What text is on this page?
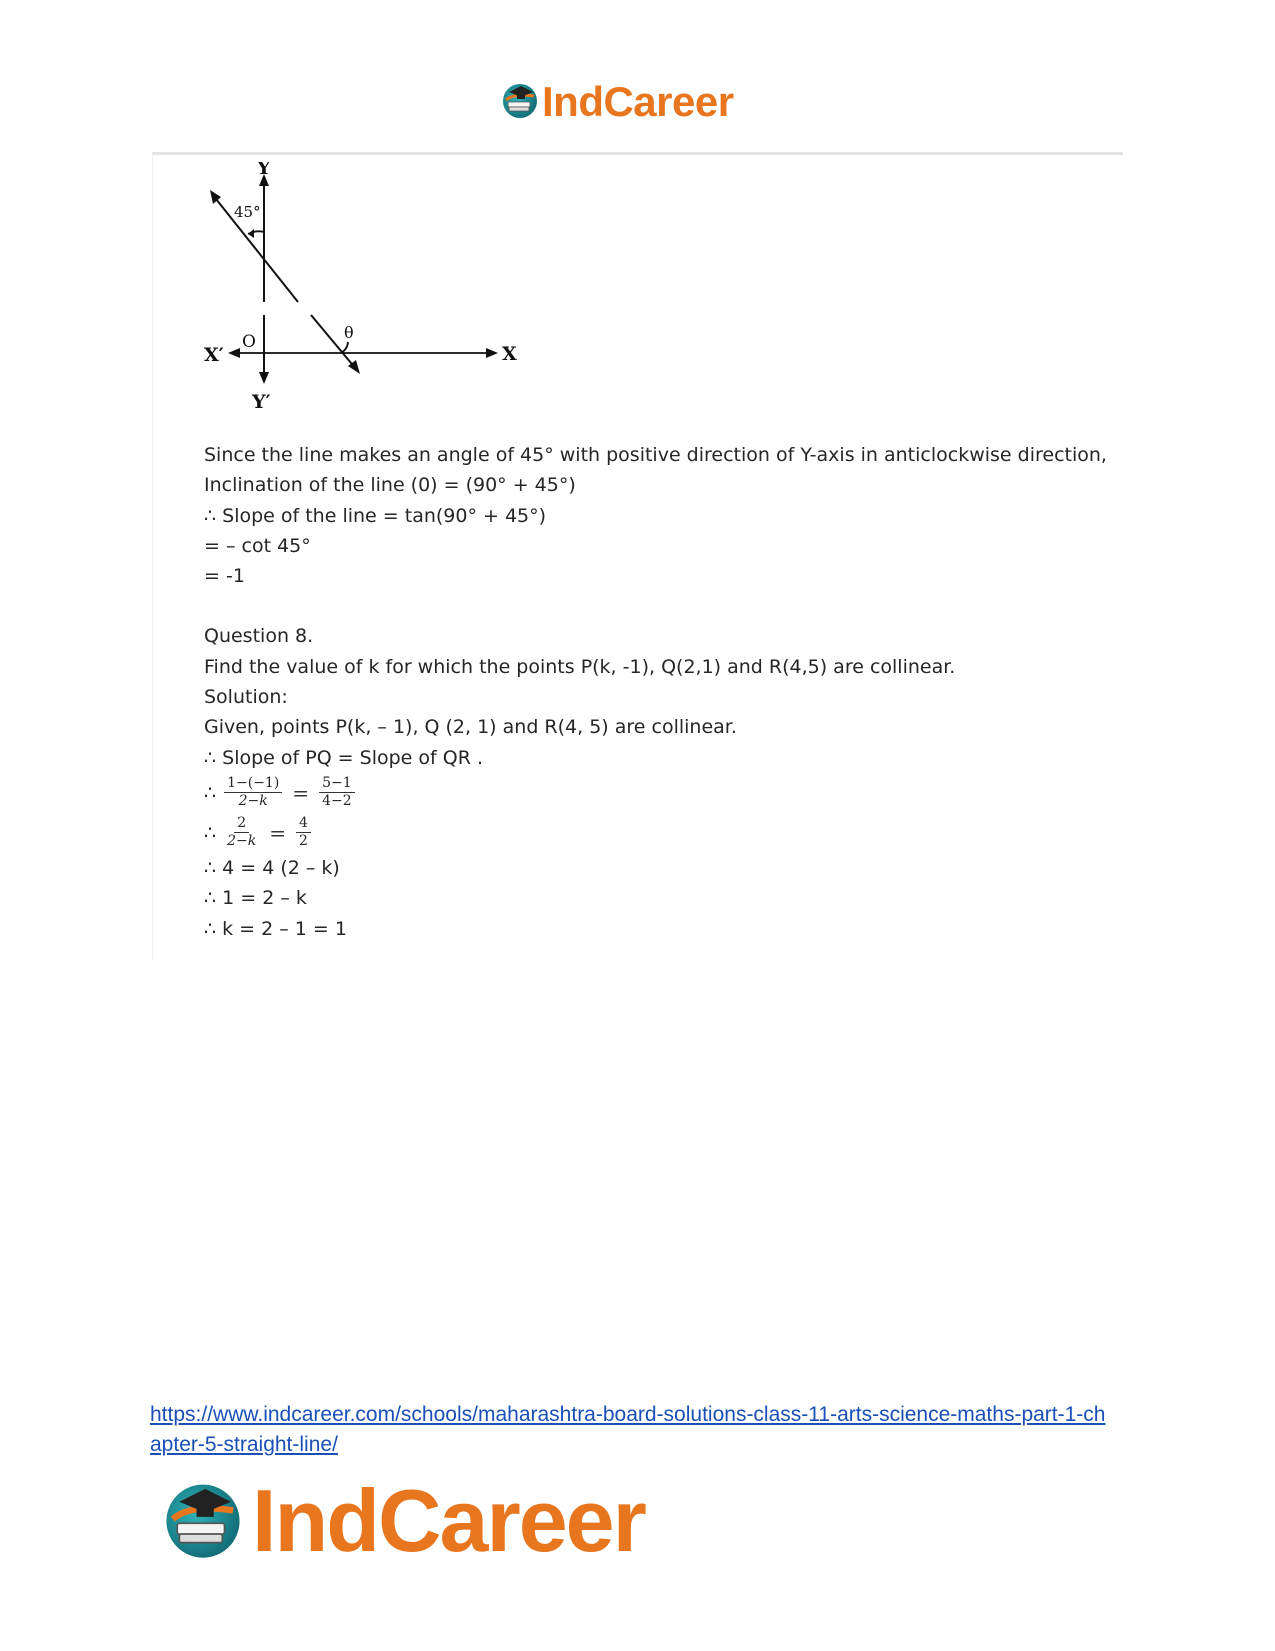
IndCareer
Y
45°
X
X′
O
Y′
θ
Since the line makes an angle of 45° with positive direction of Y-axis in anticlockwise direction,
Inclination of the line (0) = (90° + 45°)
∴ Slope of the line = tan(90° + 45°)
= – cot 45°
= -1
Question 8.
Find the value of k for which the points P(k, -1), Q(2,1) and R(4,5) are collinear.
Solution:
Given, points P(k, – 1), Q (2, 1) and R(4, 5) are collinear.
∴ Slope of PQ = Slope of QR .
∴ $\frac{1-(-1)}{2-k} = \frac{5-1}{4-2}$
∴ $\frac{2}{2-k} = \frac{4}{2}$
∴ 4 = 4 (2 – k)
∴ 1 = 2 – k
∴ k = 2 – 1 = 1
https://www.indcareer.com/schools/maharashtra-board-solutions-class-11-arts-science-maths-part-1-chapter-5-straight-line/
IndCareer
